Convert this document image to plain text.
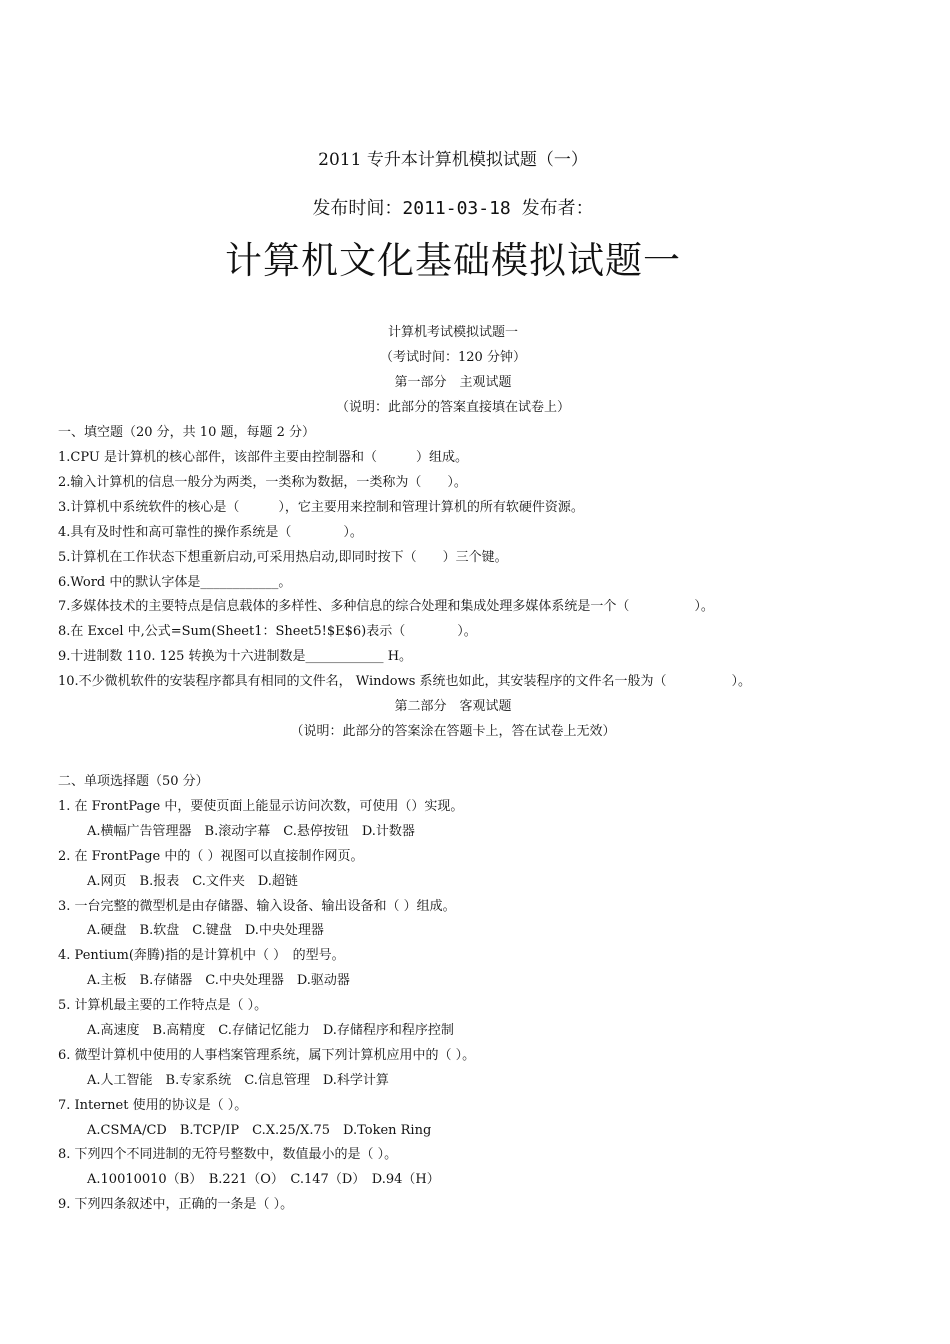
2011 专升本计算机模拟试题（一）
发布时间：2011-03-18 发布者：
计算机文化基础模拟试题一
计算机考试模拟试题一
（考试时间：120 分钟）
第一部分　主观试题
（说明：此部分的答案直接填在试卷上）
一、填空题（20 分，共 10 题，每题 2 分）
1.CPU 是计算机的核心部件，该部件主要由控制器和（　　　）组成。
2.输入计算机的信息一般分为两类，一类称为数据，一类称为（　　）。
3.计算机中系统软件的核心是（　　　），它主要用来控制和管理计算机的所有软硬件资源。
4.具有及时性和高可靠性的操作系统是（　　　　）。
5.计算机在工作状态下想重新启动,可采用热启动,即同时按下（　　）三个键。
6.Word 中的默认字体是____________。
7.多媒体技术的主要特点是信息载体的多样性、多种信息的综合处理和集成处理多媒体系统是一个（　　　　　）。
8.在 Excel 中,公式=Sum(Sheet1：Sheet5!$E$6)表示（　　　　）。
9.十进制数 110. 125 转换为十六进制数是____________ H。
10.不少微机软件的安装程序都具有相同的文件名， Windows 系统也如此，其安装程序的文件名一般为（　　　　　）。
第二部分　客观试题
（说明：此部分的答案涂在答题卡上，答在试卷上无效）
二、单项选择题（50 分）
1. 在 FrontPage 中，要使页面上能显示访问次数，可使用（）实现。
A.横幅广告管理器　B.滚动字幕　C.悬停按钮　D.计数器
2. 在 FrontPage 中的（ ）视图可以直接制作网页。
A.网页　B.报表　C.文件夹　D.超链
3. 一台完整的微型机是由存储器、输入设备、输出设备和（ ）组成。
A.硬盘　B.软盘　C.键盘　D.中央处理器
4. Pentium(奔腾)指的是计算机中（ ）　的型号。
A.主板　B.存储器　C.中央处理器　D.驱动器
5. 计算机最主要的工作特点是（ ）。
A.高速度　B.高精度　C.存储记忆能力　D.存储程序和程序控制
6. 微型计算机中使用的人事档案管理系统，属下列计算机应用中的（ ）。
A.人工智能　B.专家系统　C.信息管理　D.科学计算
7. Internet 使用的协议是（ ）。
A.CSMA/CD　B.TCP/IP　C.X.25/X.75　D.Token Ring
8. 下列四个不同进制的无符号整数中，数值最小的是（ ）。
A.10010010（B）　B.221（O）　C.147（D）　D.94（H）
9. 下列四条叙述中，正确的一条是（ ）。
